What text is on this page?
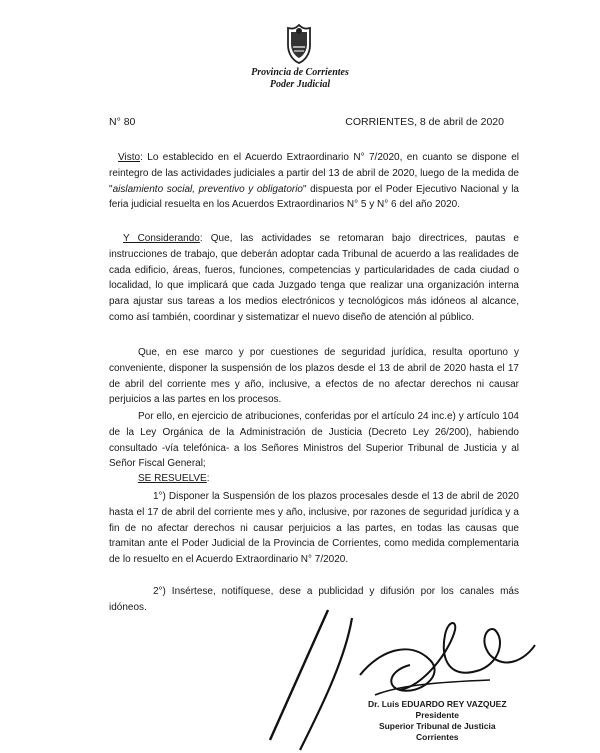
Provincia de Corrientes
Poder Judicial
N° 80	CORRIENTES, 8 de abril de 2020
Visto: Lo establecido en el Acuerdo Extraordinario N° 7/2020, en cuanto se dispone el reintegro de las actividades judiciales a partir del 13 de abril de 2020, luego de la medida de "aislamiento social, preventivo y obligatorio" dispuesta por el Poder Ejecutivo Nacional y la feria judicial resuelta en los Acuerdos Extraordinarios N° 5 y N° 6 del año 2020.
Y Considerando: Que, las actividades se retomaran bajo directrices, pautas e instrucciones de trabajo, que deberán adoptar cada Tribunal de acuerdo a las realidades de cada edificio, áreas, fueros, funciones, competencias y particularidades de cada ciudad o localidad, lo que implicará que cada Juzgado tenga que realizar una organización interna para ajustar sus tareas a los medios electrónicos y tecnológicos más idóneos al alcance, como así también, coordinar y sistematizar el nuevo diseño de atención al público.
Que, en ese marco y por cuestiones de seguridad jurídica, resulta oportuno y conveniente, disponer la suspensión de los plazos desde el 13 de abril de 2020 hasta el 17 de abril del corriente mes y año, inclusive, a efectos de no afectar derechos ni causar perjuicios a las partes en los procesos.
Por ello, en ejercicio de atribuciones, conferidas por el artículo 24 inc.e) y artículo 104 de la Ley Orgánica de la Administración de Justicia (Decreto Ley 26/200), habiendo consultado -vía telefónica- a los Señores Ministros del Superior Tribunal de Justicia y al Señor Fiscal General;
SE RESUELVE:
1°) Disponer la Suspensión de los plazos procesales desde el 13 de abril de 2020 hasta el 17 de abril del corriente mes y año, inclusive, por razones de seguridad jurídica y a fin de no afectar derechos ni causar perjuicios a las partes, en todas las causas que tramitan ante el Poder Judicial de la Provincia de Corrientes, como medida complementaria de lo resuelto en el Acuerdo Extraordinario N° 7/2020.
2°) Insértese, notifíquese, dese a publicidad y difusión por los canales más idóneos.
Dr. Luis EDUARDO REY VAZQUEZ
Presidente
Superior Tribunal de Justicia
Corrientes
